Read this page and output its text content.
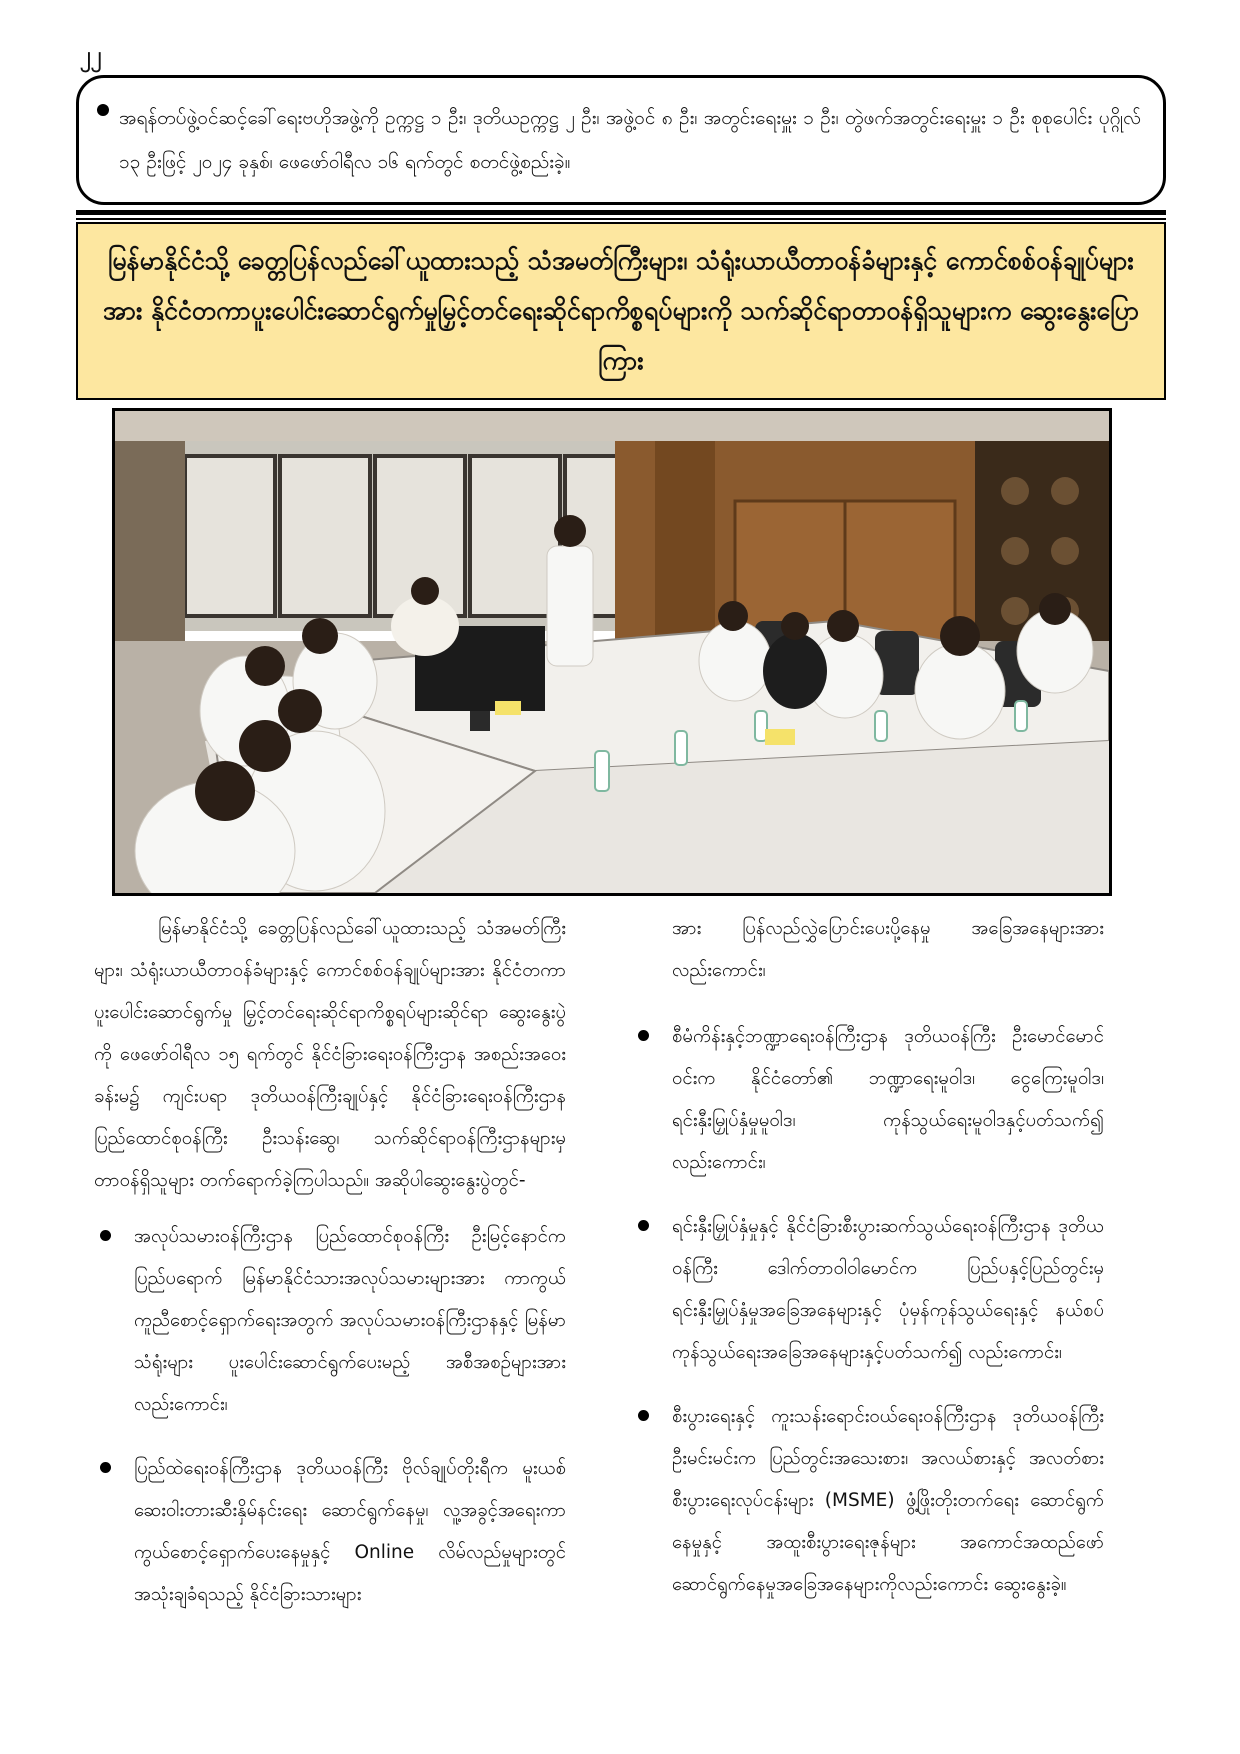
၂၂

အရန်တပ်ဖွဲ့ဝင်ဆင့်ခေါ်ရေးဗဟိုအဖွဲ့ကို ဥက္ကဋ္ဌ ၁ ဦး၊ ဒုတိယဥက္ကဋ္ဌ ၂ ဦး၊ အဖွဲ့ဝင် ၈ ဦး၊ အတွင်းရေးမှူး ၁ ဦး၊ တွဲဖက်အတွင်းရေးမှူး ၁ ဦး စုစုပေါင်း ပုဂ္ဂိုလ် ၁၃ ဦးဖြင့် ၂၀၂၄ ခုနှစ်၊ ဖေဖော်ဝါရီလ ၁၆ ရက်တွင် စတင်ဖွဲ့စည်းခဲ့။

မြန်မာနိုင်ငံသို့ ခေတ္တပြန်လည်ခေါ်ယူထားသည့် သံအမတ်ကြီးများ၊ သံရုံးယာယီတာဝန်ခံများနှင့် ကောင်စစ်ဝန်ချုပ်များအား နိုင်ငံတကာပူးပေါင်းဆောင်ရွက်မှုမြှင့်တင်ရေးဆိုင်ရာကိစ္စရပ်များကို သက်ဆိုင်ရာတာဝန်ရှိသူများက ဆွေးနွေးပြောကြား

မြန်မာနိုင်ငံသို့ ခေတ္တပြန်လည်ခေါ်ယူထားသည့် သံအမတ်ကြီးများ၊ သံရုံးယာယီတာဝန်ခံများနှင့် ကောင်စစ်ဝန်ချုပ်များအား နိုင်ငံတကာပူးပေါင်းဆောင်ရွက်မှု မြှင့်တင်ရေးဆိုင်ရာကိစ္စရပ်များဆိုင်ရာ ဆွေးနွေးပွဲကို ဖေဖော်ဝါရီလ ၁၅ ရက်တွင် နိုင်ငံခြားရေးဝန်ကြီးဌာန အစည်းအဝေးခန်းမ၌ ကျင်းပရာ ဒုတိယဝန်ကြီးချုပ်နှင့် နိုင်ငံခြားရေးဝန်ကြီးဌာန ပြည်ထောင်စုဝန်ကြီး ဦးသန်းဆွေ၊ သက်ဆိုင်ရာဝန်ကြီးဌာနများမှ တာဝန်ရှိသူများ တက်ရောက်ခဲ့ကြပါသည်။ အဆိုပါဆွေးနွေးပွဲတွင်-

အလုပ်သမားဝန်ကြီးဌာန ပြည်ထောင်စုဝန်ကြီး ဦးမြင့်နောင်က ပြည်ပရောက် မြန်မာနိုင်ငံသားအလုပ်သမားများအား ကာကွယ်ကူညီစောင့်ရှောက်ရေးအတွက် အလုပ်သမားဝန်ကြီးဌာနနှင့် မြန်မာသံရုံးများ ပူးပေါင်းဆောင်ရွက်ပေးမည့် အစီအစဉ်များအားလည်းကောင်း၊
ပြည်ထဲရေးဝန်ကြီးဌာန ဒုတိယဝန်ကြီး ဗိုလ်ချုပ်တိုးရီက မူးယစ်ဆေးဝါးတားဆီးနှိမ်နင်းရေး ဆောင်ရွက်နေမှု၊ လူ့အခွင့်အရေးကာကွယ်စောင့်ရှောက်ပေးနေမှုနှင့် Online လိမ်လည်မှုများတွင် အသုံးချခံရသည့် နိုင်ငံခြားသားများ

အား ပြန်လည်လွှဲပြောင်းပေးပို့နေမှု အခြေအနေများအားလည်းကောင်း၊

စီမံကိန်းနှင့်ဘဏ္ဍာရေးဝန်ကြီးဌာန ဒုတိယဝန်ကြီး ဦးမောင်မောင်ဝင်းက နိုင်ငံတော်၏ ဘဏ္ဍာရေးမူဝါဒ၊ ငွေကြေးမူဝါဒ၊ ရင်းနှီးမြှုပ်နှံမှုမူဝါဒ၊ ကုန်သွယ်ရေးမူဝါဒနှင့်ပတ်သက်၍ လည်းကောင်း၊
ရင်းနှီးမြှုပ်နှံမှုနှင့် နိုင်ငံခြားစီးပွားဆက်သွယ်ရေးဝန်ကြီးဌာန ဒုတိယဝန်ကြီး ဒေါက်တာဝါဝါမောင်က ပြည်ပနှင့်ပြည်တွင်းမှ ရင်းနှီးမြှုပ်နှံမှုအခြေအနေများနှင့် ပုံမှန်ကုန်သွယ်ရေးနှင့် နယ်စပ်ကုန်သွယ်ရေးအခြေအနေများနှင့်ပတ်သက်၍ လည်းကောင်း၊
စီးပွားရေးနှင့် ကူးသန်းရောင်းဝယ်ရေးဝန်ကြီးဌာန ဒုတိယဝန်ကြီး ဦးမင်းမင်းက ပြည်တွင်းအသေးစား၊ အလယ်စားနှင့် အလတ်စားစီးပွားရေးလုပ်ငန်းများ (MSME) ဖွံ့ဖြိုးတိုးတက်ရေး ဆောင်ရွက်နေမှုနှင့် အထူးစီးပွားရေးဇုန်များ အကောင်အထည်ဖော် ဆောင်ရွက်နေမှုအခြေအနေများကိုလည်းကောင်း ဆွေးနွေးခဲ့။
